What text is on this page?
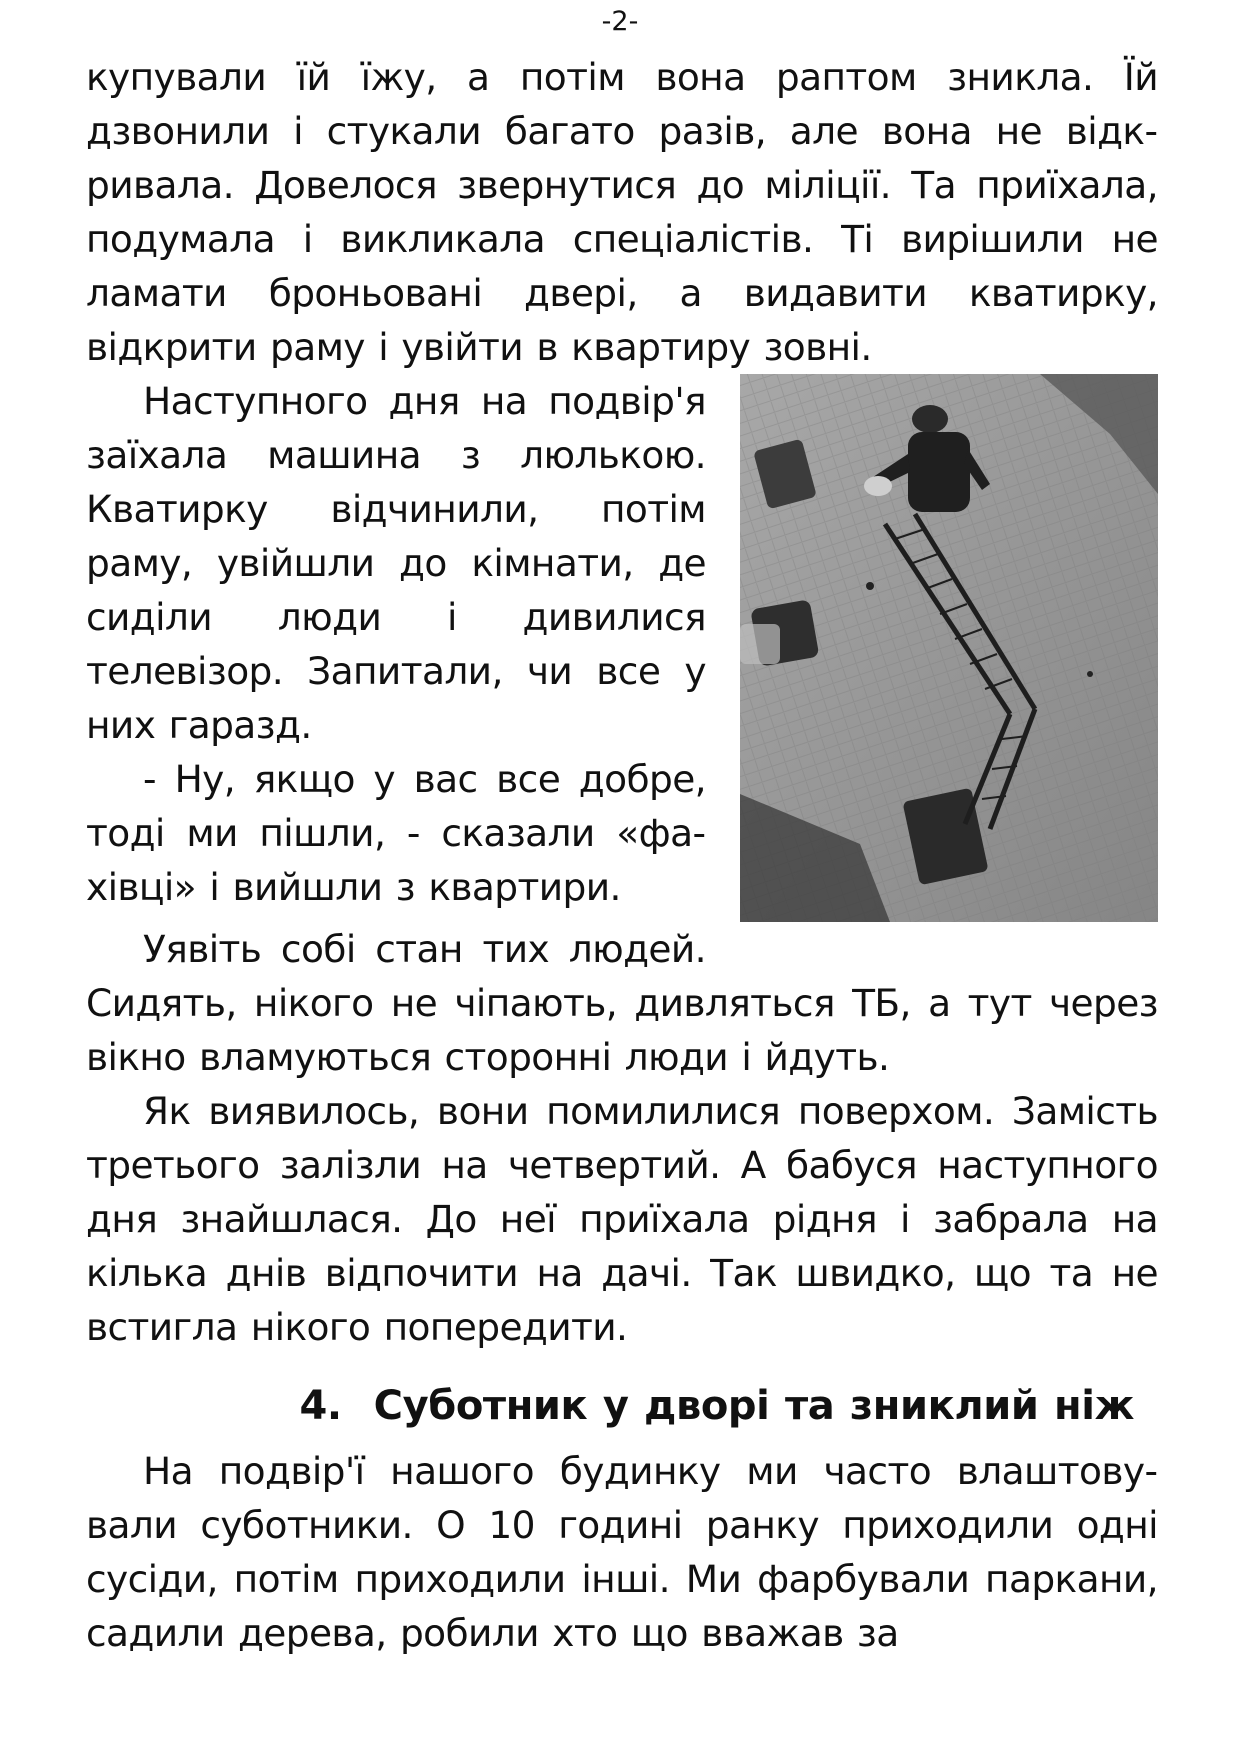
-2-

купували їй їжу, а потім вона раптом зникла. Їй дзвонили і стукали багато разів, але вона не відкривала. Довелося звернутися до міліції. Та приїхала, подумала і викликала спеціалістів. Ті вирішили не ламати броньовані двері, а видавити кватирку, відкрити раму і увійти в квартиру зовні.

Наступного дня на подвір'я заїхала машина з люлькою. Кватирку відчинили, потім раму, увійшли до кімнати, де сиділи люди і дивилися телевізор. Запитали, чи все у них гаразд.

- Ну, якщо у вас все добре, тоді ми пішли, - сказали «фахівці» і вийшли з квартири.

Уявіть собі стан тих людей. Сидять, нікого не чіпають, дивляться ТБ, а тут через вікно вламуються сторонні люди і йдуть.

Як виявилось, вони помилилися поверхом. Замість третього залізли на четвертий. А бабуся наступного дня знайшлася. До неї приїхала рідня і забрала на кілька днів відпочити на дачі. Так швидко, що та не встигла нікого попередити.

4. Суботник у дворі та зниклий ніж

На подвір'ї нашого будинку ми часто влаштовували суботники. О 10 годині ранку приходили одні сусіди, потім приходили інші. Ми фарбували паркани, садили дерева, робили хто що вважав за
